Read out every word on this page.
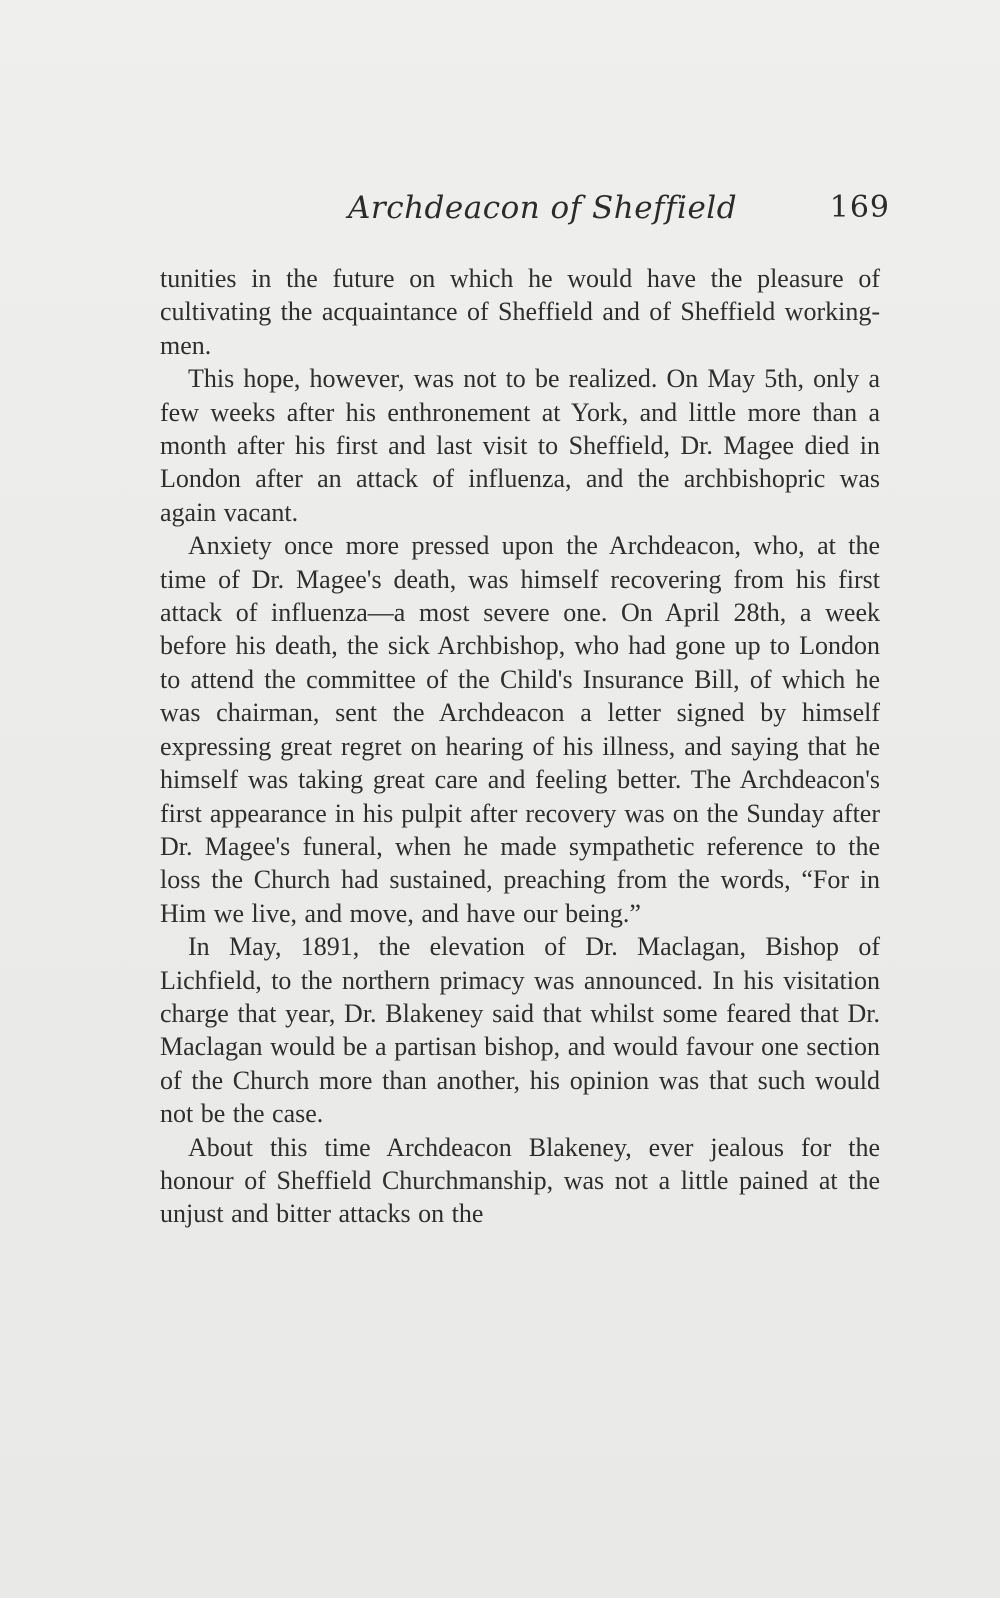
Archdeacon of Sheffield	169

tunities in the future on which he would have the pleasure of cultivating the acquaintance of Sheffield and of Sheffield working-men.

This hope, however, was not to be realized. On May 5th, only a few weeks after his enthronement at York, and little more than a month after his first and last visit to Sheffield, Dr. Magee died in London after an attack of influenza, and the archbishopric was again vacant.

Anxiety once more pressed upon the Archdeacon, who, at the time of Dr. Magee's death, was himself recovering from his first attack of influenza—a most severe one. On April 28th, a week before his death, the sick Archbishop, who had gone up to London to attend the committee of the Child's Insurance Bill, of which he was chairman, sent the Archdeacon a letter signed by himself expressing great regret on hearing of his illness, and saying that he himself was taking great care and feeling better. The Archdeacon's first appearance in his pulpit after recovery was on the Sunday after Dr. Magee's funeral, when he made sympathetic reference to the loss the Church had sustained, preaching from the words, “For in Him we live, and move, and have our being.”

In May, 1891, the elevation of Dr. Maclagan, Bishop of Lichfield, to the northern primacy was announced. In his visitation charge that year, Dr. Blakeney said that whilst some feared that Dr. Maclagan would be a partisan bishop, and would favour one section of the Church more than another, his opinion was that such would not be the case.

About this time Archdeacon Blakeney, ever jealous for the honour of Sheffield Churchmanship, was not a little pained at the unjust and bitter attacks on the
